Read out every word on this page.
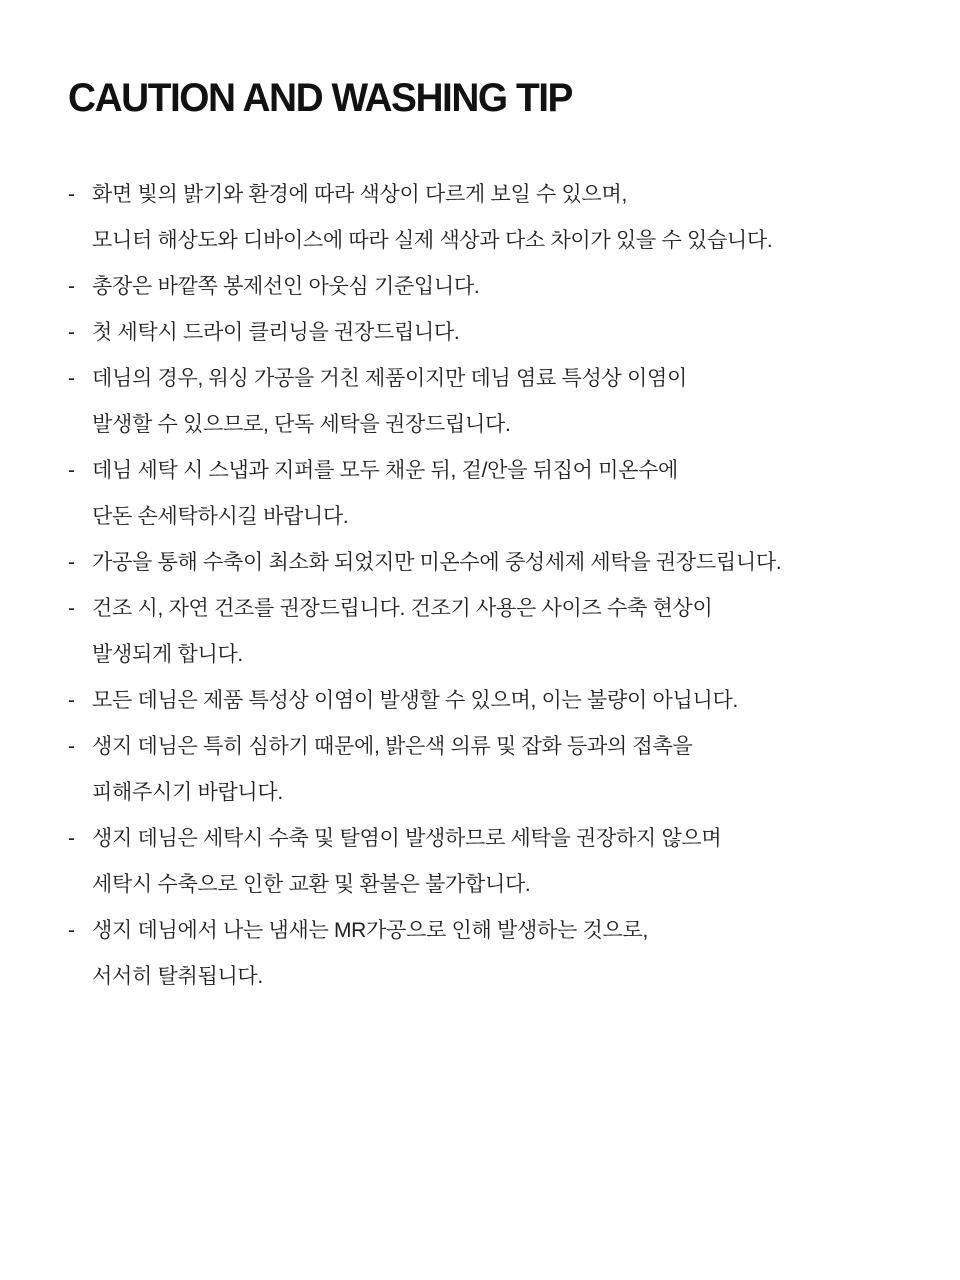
CAUTION AND WASHING TIP
- 화면 빛의 밝기와 환경에 따라 색상이 다르게 보일 수 있으며,
모니터 해상도와 디바이스에 따라 실제 색상과 다소 차이가 있을 수 있습니다.
- 총장은 바깥쪽 봉제선인 아웃심 기준입니다.
- 첫 세탁시 드라이 클리닝을 권장드립니다.
- 데님의 경우, 워싱 가공을 거친 제품이지만 데님 염료 특성상 이염이
발생할 수 있으므로, 단독 세탁을 권장드립니다.
- 데님 세탁 시 스냅과 지퍼를 모두 채운 뒤, 겉/안을 뒤집어 미온수에
단돈 손세탁하시길 바랍니다.
- 가공을 통해 수축이 최소화 되었지만 미온수에 중성세제 세탁을 권장드립니다.
- 건조 시, 자연 건조를 권장드립니다. 건조기 사용은 사이즈 수축 현상이
발생되게 합니다.
- 모든 데님은 제품 특성상 이염이 발생할 수 있으며, 이는 불량이 아닙니다.
- 생지 데님은 특히 심하기 때문에, 밝은색 의류 및 잡화 등과의 접촉을
피해주시기 바랍니다.
- 생지 데님은 세탁시 수축 및 탈염이 발생하므로 세탁을 권장하지 않으며
세탁시 수축으로 인한 교환 및 환불은 불가합니다.
- 생지 데님에서 나는 냄새는 MR가공으로 인해 발생하는 것으로,
서서히 탈취됩니다.
